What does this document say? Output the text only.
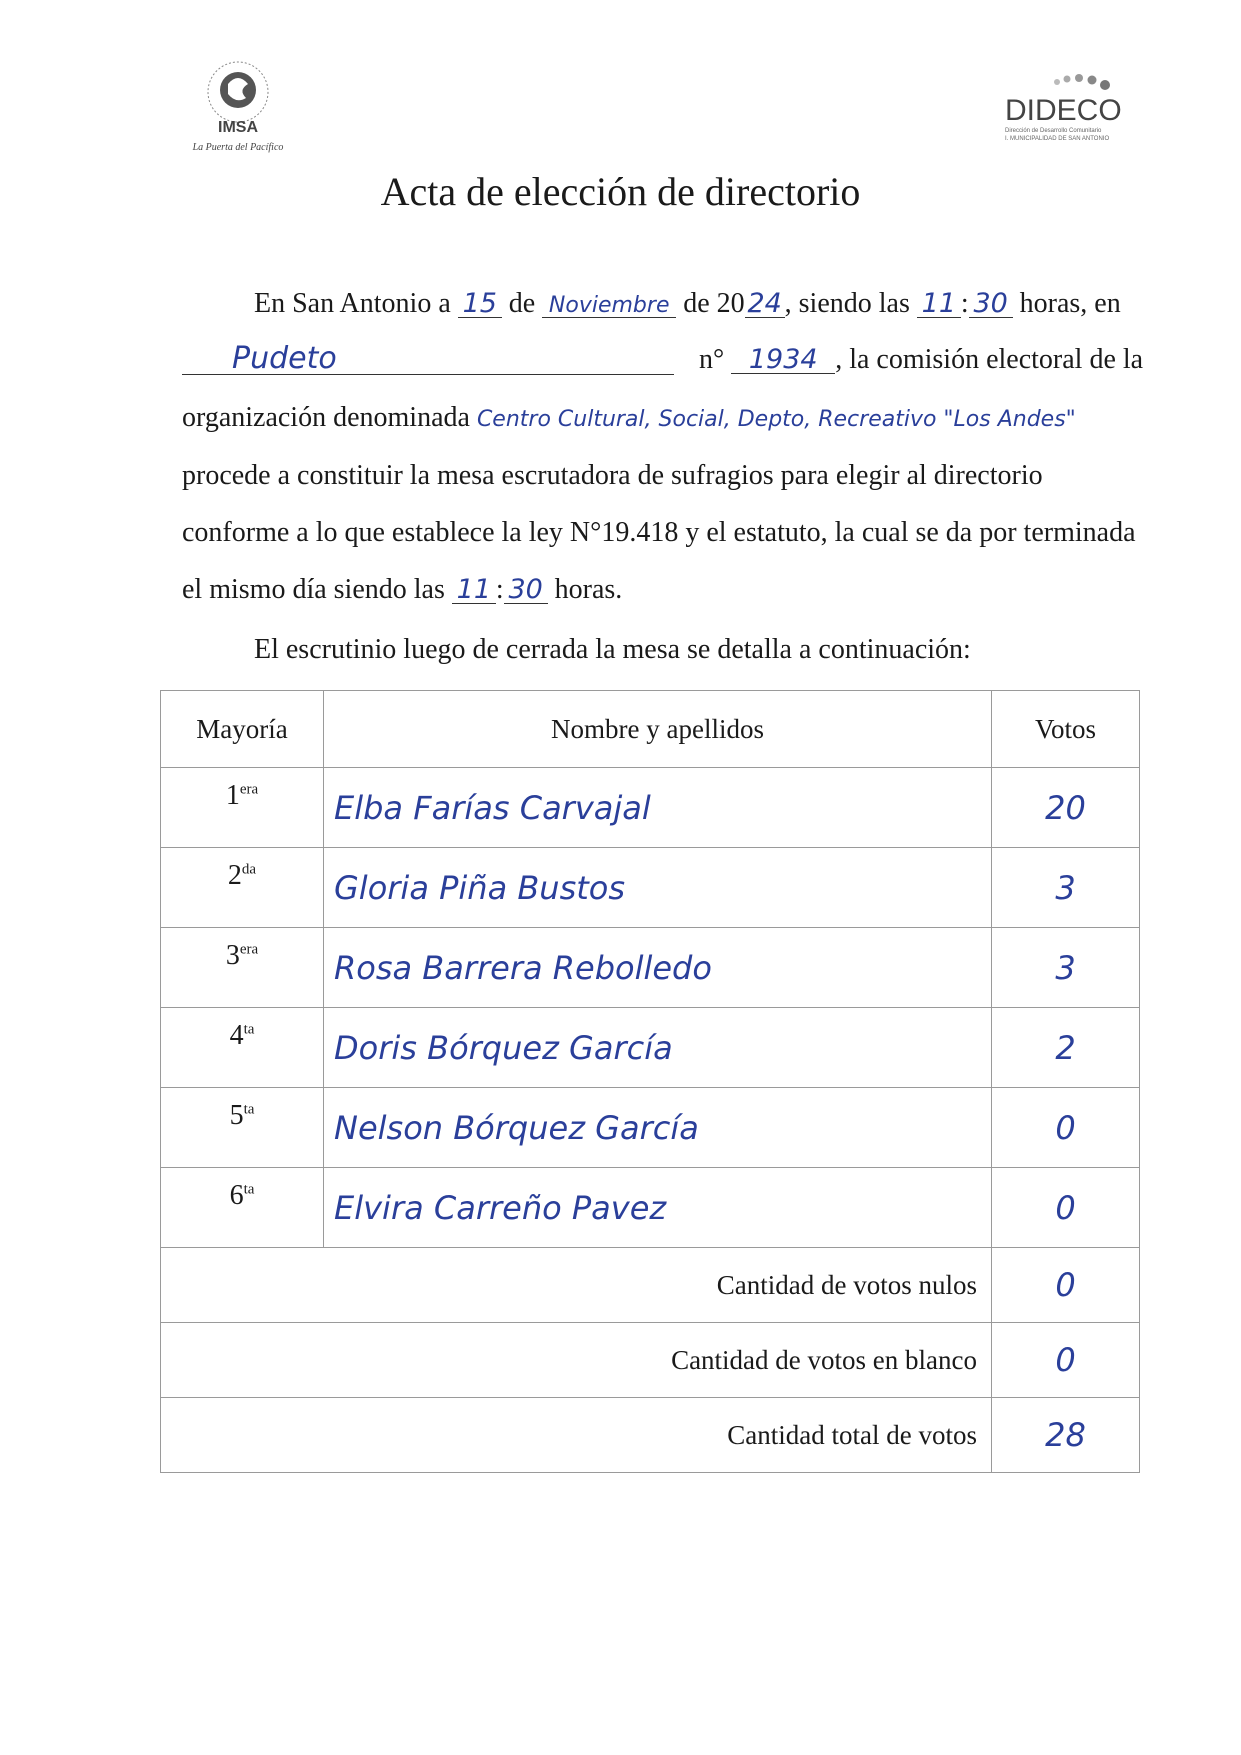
IMSA
La Puerta del Pacífico
DIDECO
Dirección de Desarrollo Comunitario
I. MUNICIPALIDAD DE SAN ANTONIO
Acta de elección de directorio
En San Antonio a 15 de Noviembre de 20 24 , siendo las 11 : 30 horas, en
Pudeto	n° 1934 , la comisión electoral de la
organización denominada Centro Cultural, Social, Depto, Recreativo "Los Andes"
procede a constituir la mesa escrutadora de sufragios para elegir al directorio
conforme a lo que establece la ley N°19.418 y el estatuto, la cual se da por terminada
el mismo día siendo las 11 : 30 horas.
El escrutinio luego de cerrada la mesa se detalla a continuación:
Mayoría	Nombre y apellidos	Votos
$1^{era}$	Elba Farías Carvajal	20
$2^{da}$	Gloria Piña Bustos	3
$3^{era}$	Rosa Barrera Rebolledo	3
$4^{ta}$	Doris Bórquez García	2
$5^{ta}$	Nelson Bórquez García	0
$6^{ta}$	Elvira Carreño Pavez	0
Cantidad de votos nulos		0
Cantidad de votos en blanco		0
Cantidad total de votos		28
